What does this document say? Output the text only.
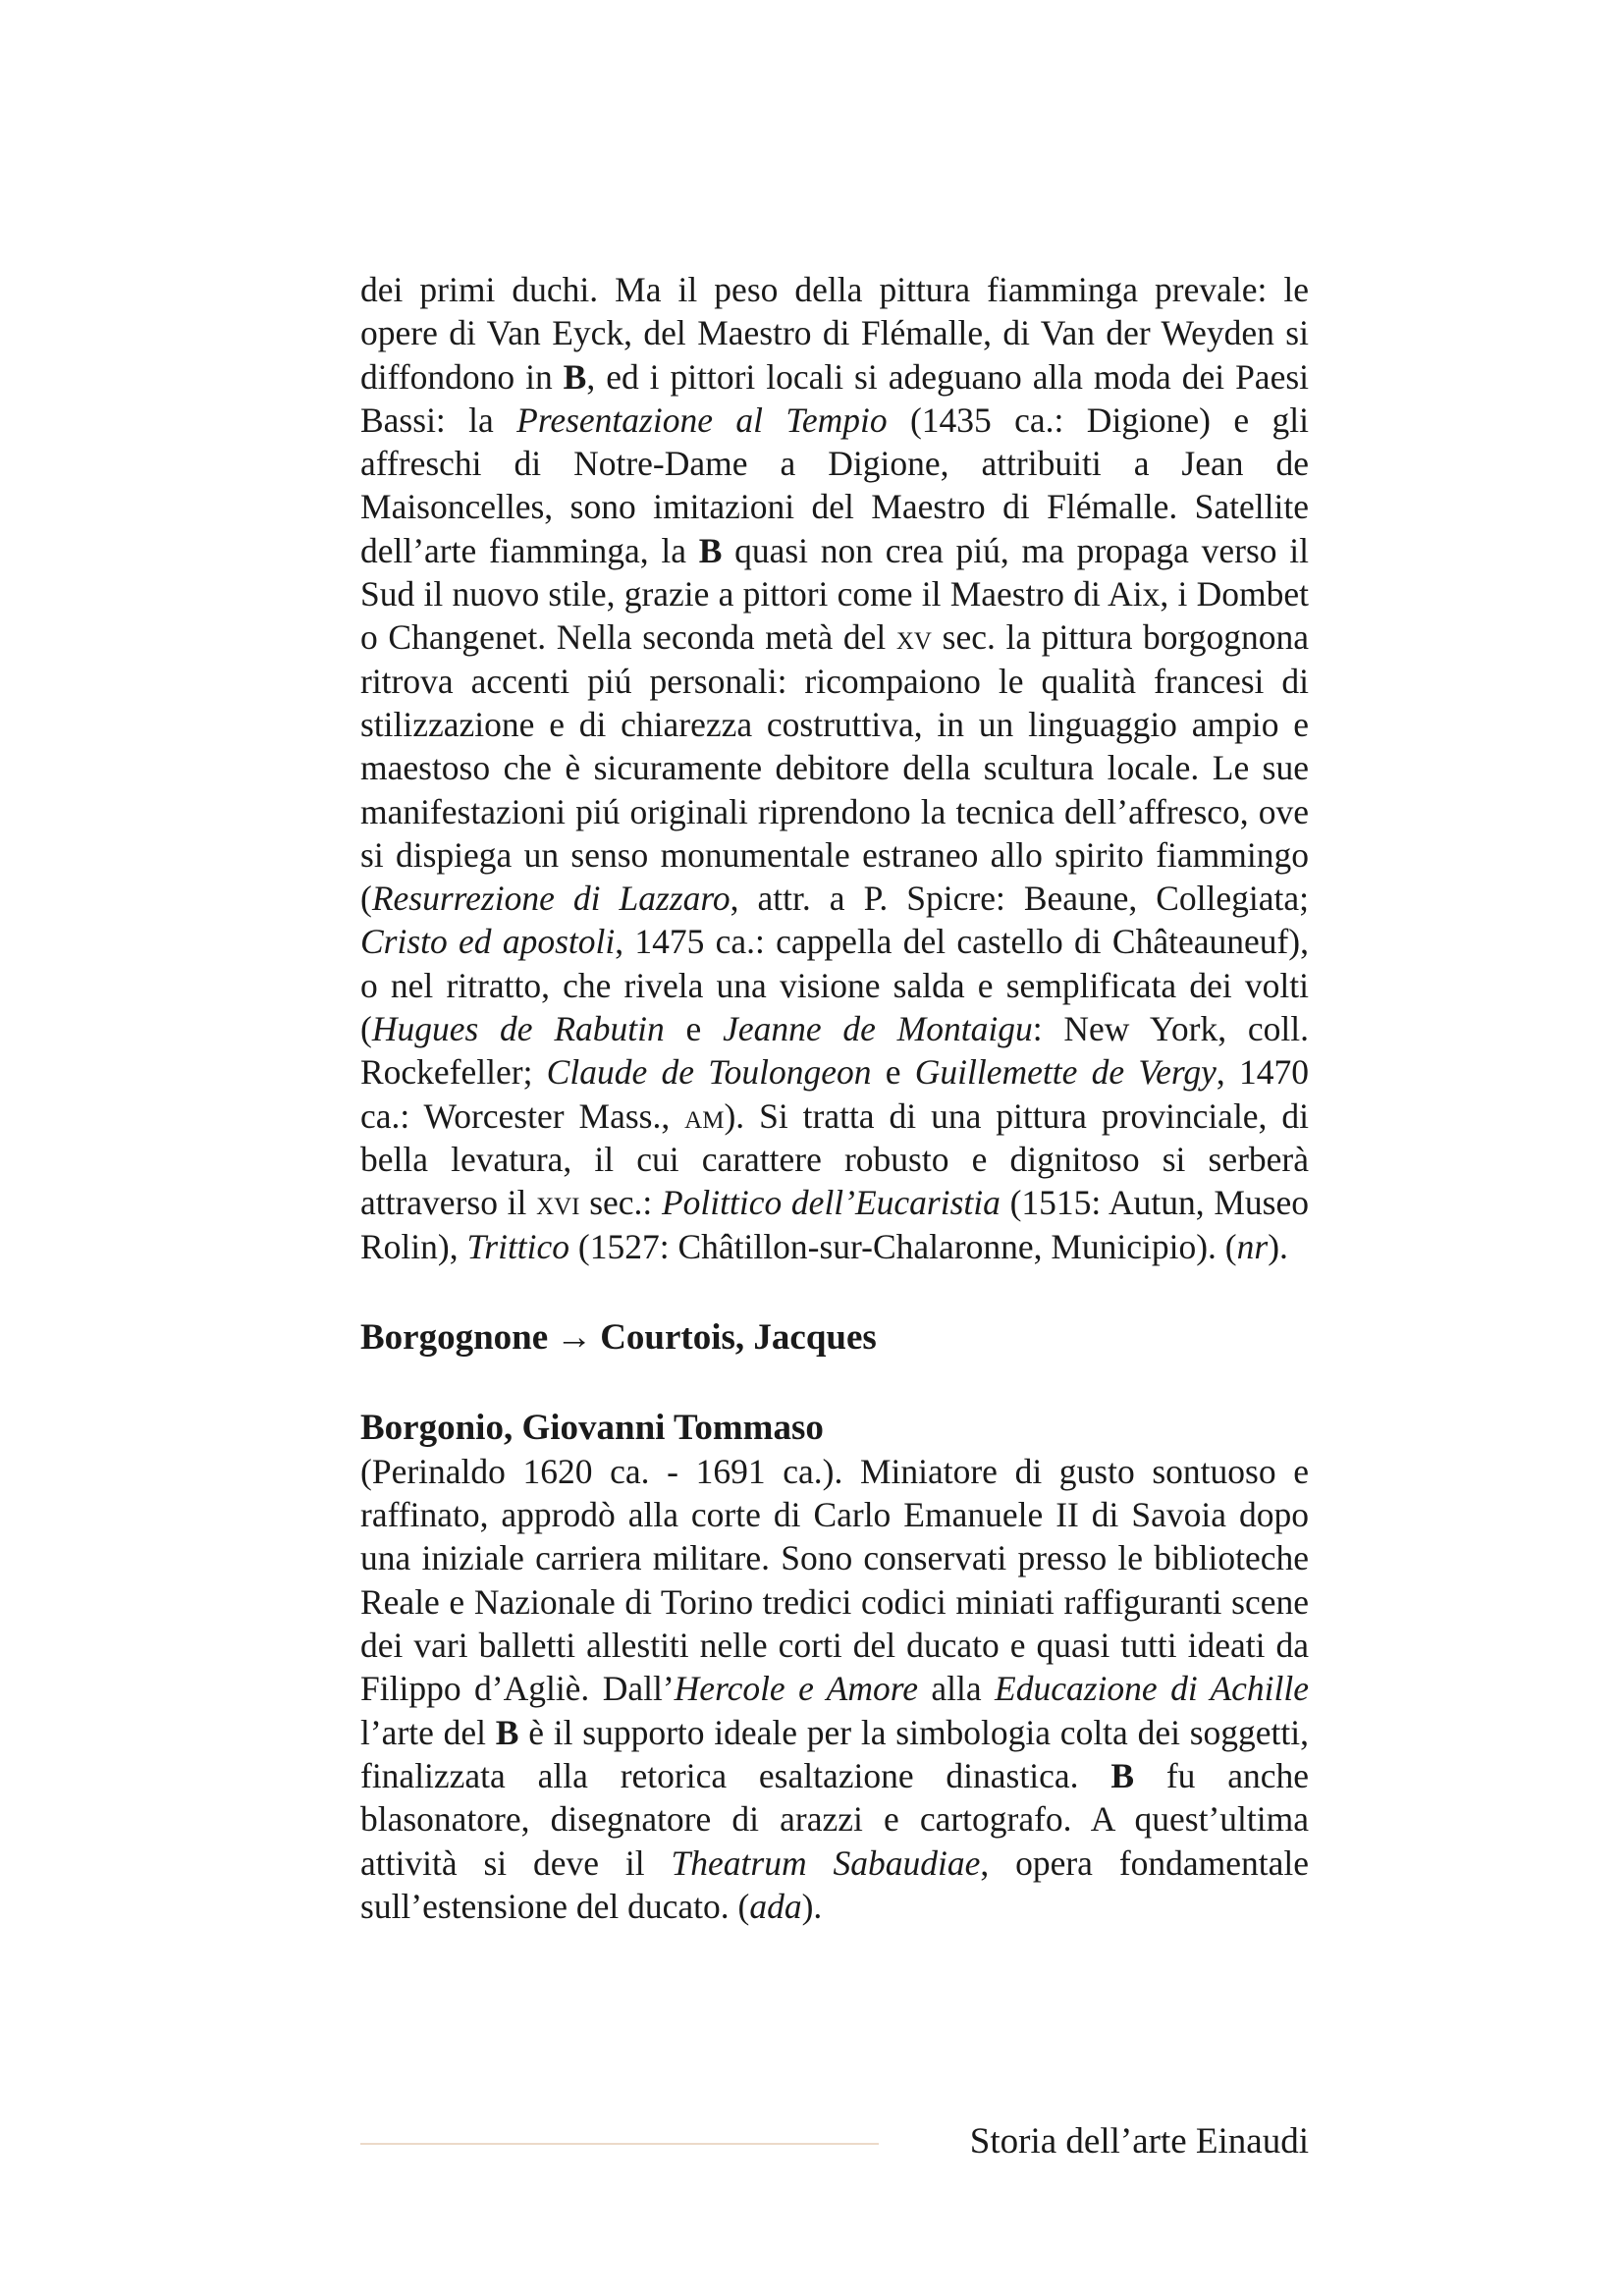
dei primi duchi. Ma il peso della pittura fiamminga prevale: le opere di Van Eyck, del Maestro di Flémalle, di Van der Weyden si diffondono in B, ed i pittori locali si adeguano alla moda dei Paesi Bassi: la Presentazione al Tempio (1435 ca.: Digione) e gli affreschi di Notre-Dame a Digione, attribuiti a Jean de Maisoncelles, sono imitazioni del Maestro di Flémalle. Satellite dell’arte fiamminga, la B quasi non crea piú, ma propaga verso il Sud il nuovo stile, grazie a pittori come il Maestro di Aix, i Dombet o Changenet. Nella seconda metà del xv sec. la pittura borgognona ritrova accenti piú personali: ricompaiono le qualità francesi di stilizzazione e di chiarezza costruttiva, in un linguaggio ampio e maestoso che è sicuramente debitore della scultura locale. Le sue manifestazioni piú originali riprendono la tecnica dell’affresco, ove si dispiega un senso monumentale estraneo allo spirito fiammingo (Resurrezione di Lazzaro, attr. a P. Spicre: Beaune, Collegiata; Cristo ed apostoli, 1475 ca.: cappella del castello di Châteauneuf), o nel ritratto, che rivela una visione salda e semplificata dei volti (Hugues de Rabutin e Jeanne de Montaigu: New York, coll. Rockefeller; Claude de Toulongeon e Guillemette de Vergy, 1470 ca.: Worcester Mass., am). Si tratta di una pittura provinciale, di bella levatura, il cui carattere robusto e dignitoso si serberà attraverso il xvi sec.: Polittico dell’Eucaristia (1515: Autun, Museo Rolin), Trittico (1527: Châtillon-sur-Chalaronne, Municipio). (nr).

Borgognone → Courtois, Jacques
Borgonio, Giovanni Tommaso

(Perinaldo 1620 ca. - 1691 ca.). Miniatore di gusto sontuoso e raffinato, approdò alla corte di Carlo Emanuele II di Savoia dopo una iniziale carriera militare. Sono conservati presso le biblioteche Reale e Nazionale di Torino tredici codici miniati raffiguranti scene dei vari balletti allestiti nelle corti del ducato e quasi tutti ideati da Filippo d’Agliè. Dall’Hercole e Amore alla Educazione di Achille l’arte del B è il supporto ideale per la simbologia colta dei soggetti, finalizzata alla retorica esaltazione dinastica. B fu anche blasonatore, disegnatore di arazzi e cartografo. A quest’ultima attività si deve il Theatrum Sabaudiae, opera fondamentale sull’estensione del ducato. (ada).

Storia dell’arte Einaudi
